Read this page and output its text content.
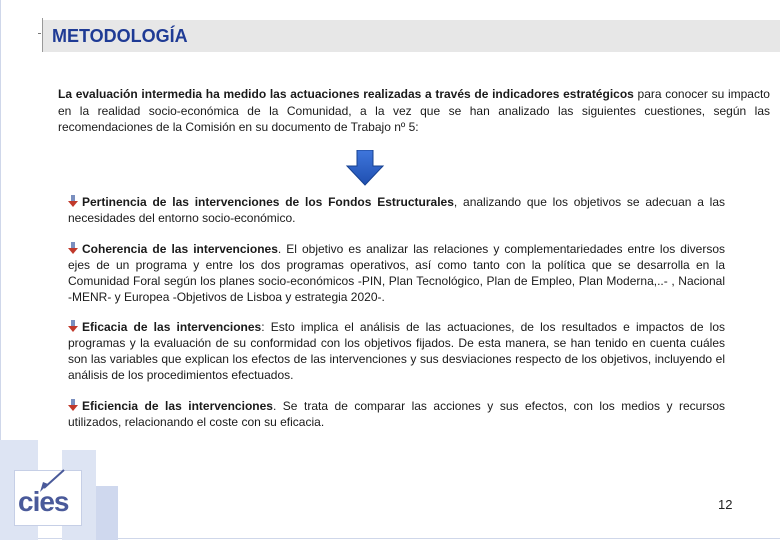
METODOLOGÍA
La evaluación intermedia ha medido las actuaciones realizadas a través de indicadores estratégicos para conocer su impacto en la realidad socio-económica de la Comunidad, a la vez que se han analizado las siguientes cuestiones, según las recomendaciones de la Comisión en su documento de Trabajo nº 5:
Pertinencia de las intervenciones de los Fondos Estructurales, analizando que los objetivos se adecuan a las necesidades del entorno socio-económico.
Coherencia de las intervenciones. El objetivo es analizar las relaciones y complementariedades entre los diversos ejes de un programa y entre los dos programas operativos, así como tanto con la política que se desarrolla en la Comunidad Foral según los planes socio-económicos -PIN, Plan Tecnológico, Plan de Empleo, Plan Moderna,..- , Nacional -MENR- y Europea -Objetivos de Lisboa y estrategia 2020-.
Eficacia de las intervenciones: Esto implica el análisis de las actuaciones, de los resultados e impactos de los programas y la evaluación de su conformidad con los objetivos fijados. De esta manera, se han tenido en cuenta cuáles son las variables que explican los efectos de las intervenciones y sus desviaciones respecto de los objetivos, incluyendo el análisis de los procedimientos efectuados.
Eficiencia de las intervenciones. Se trata de comparar las acciones y sus efectos, con los medios y recursos utilizados, relacionando el coste con su eficacia.
cies	12
